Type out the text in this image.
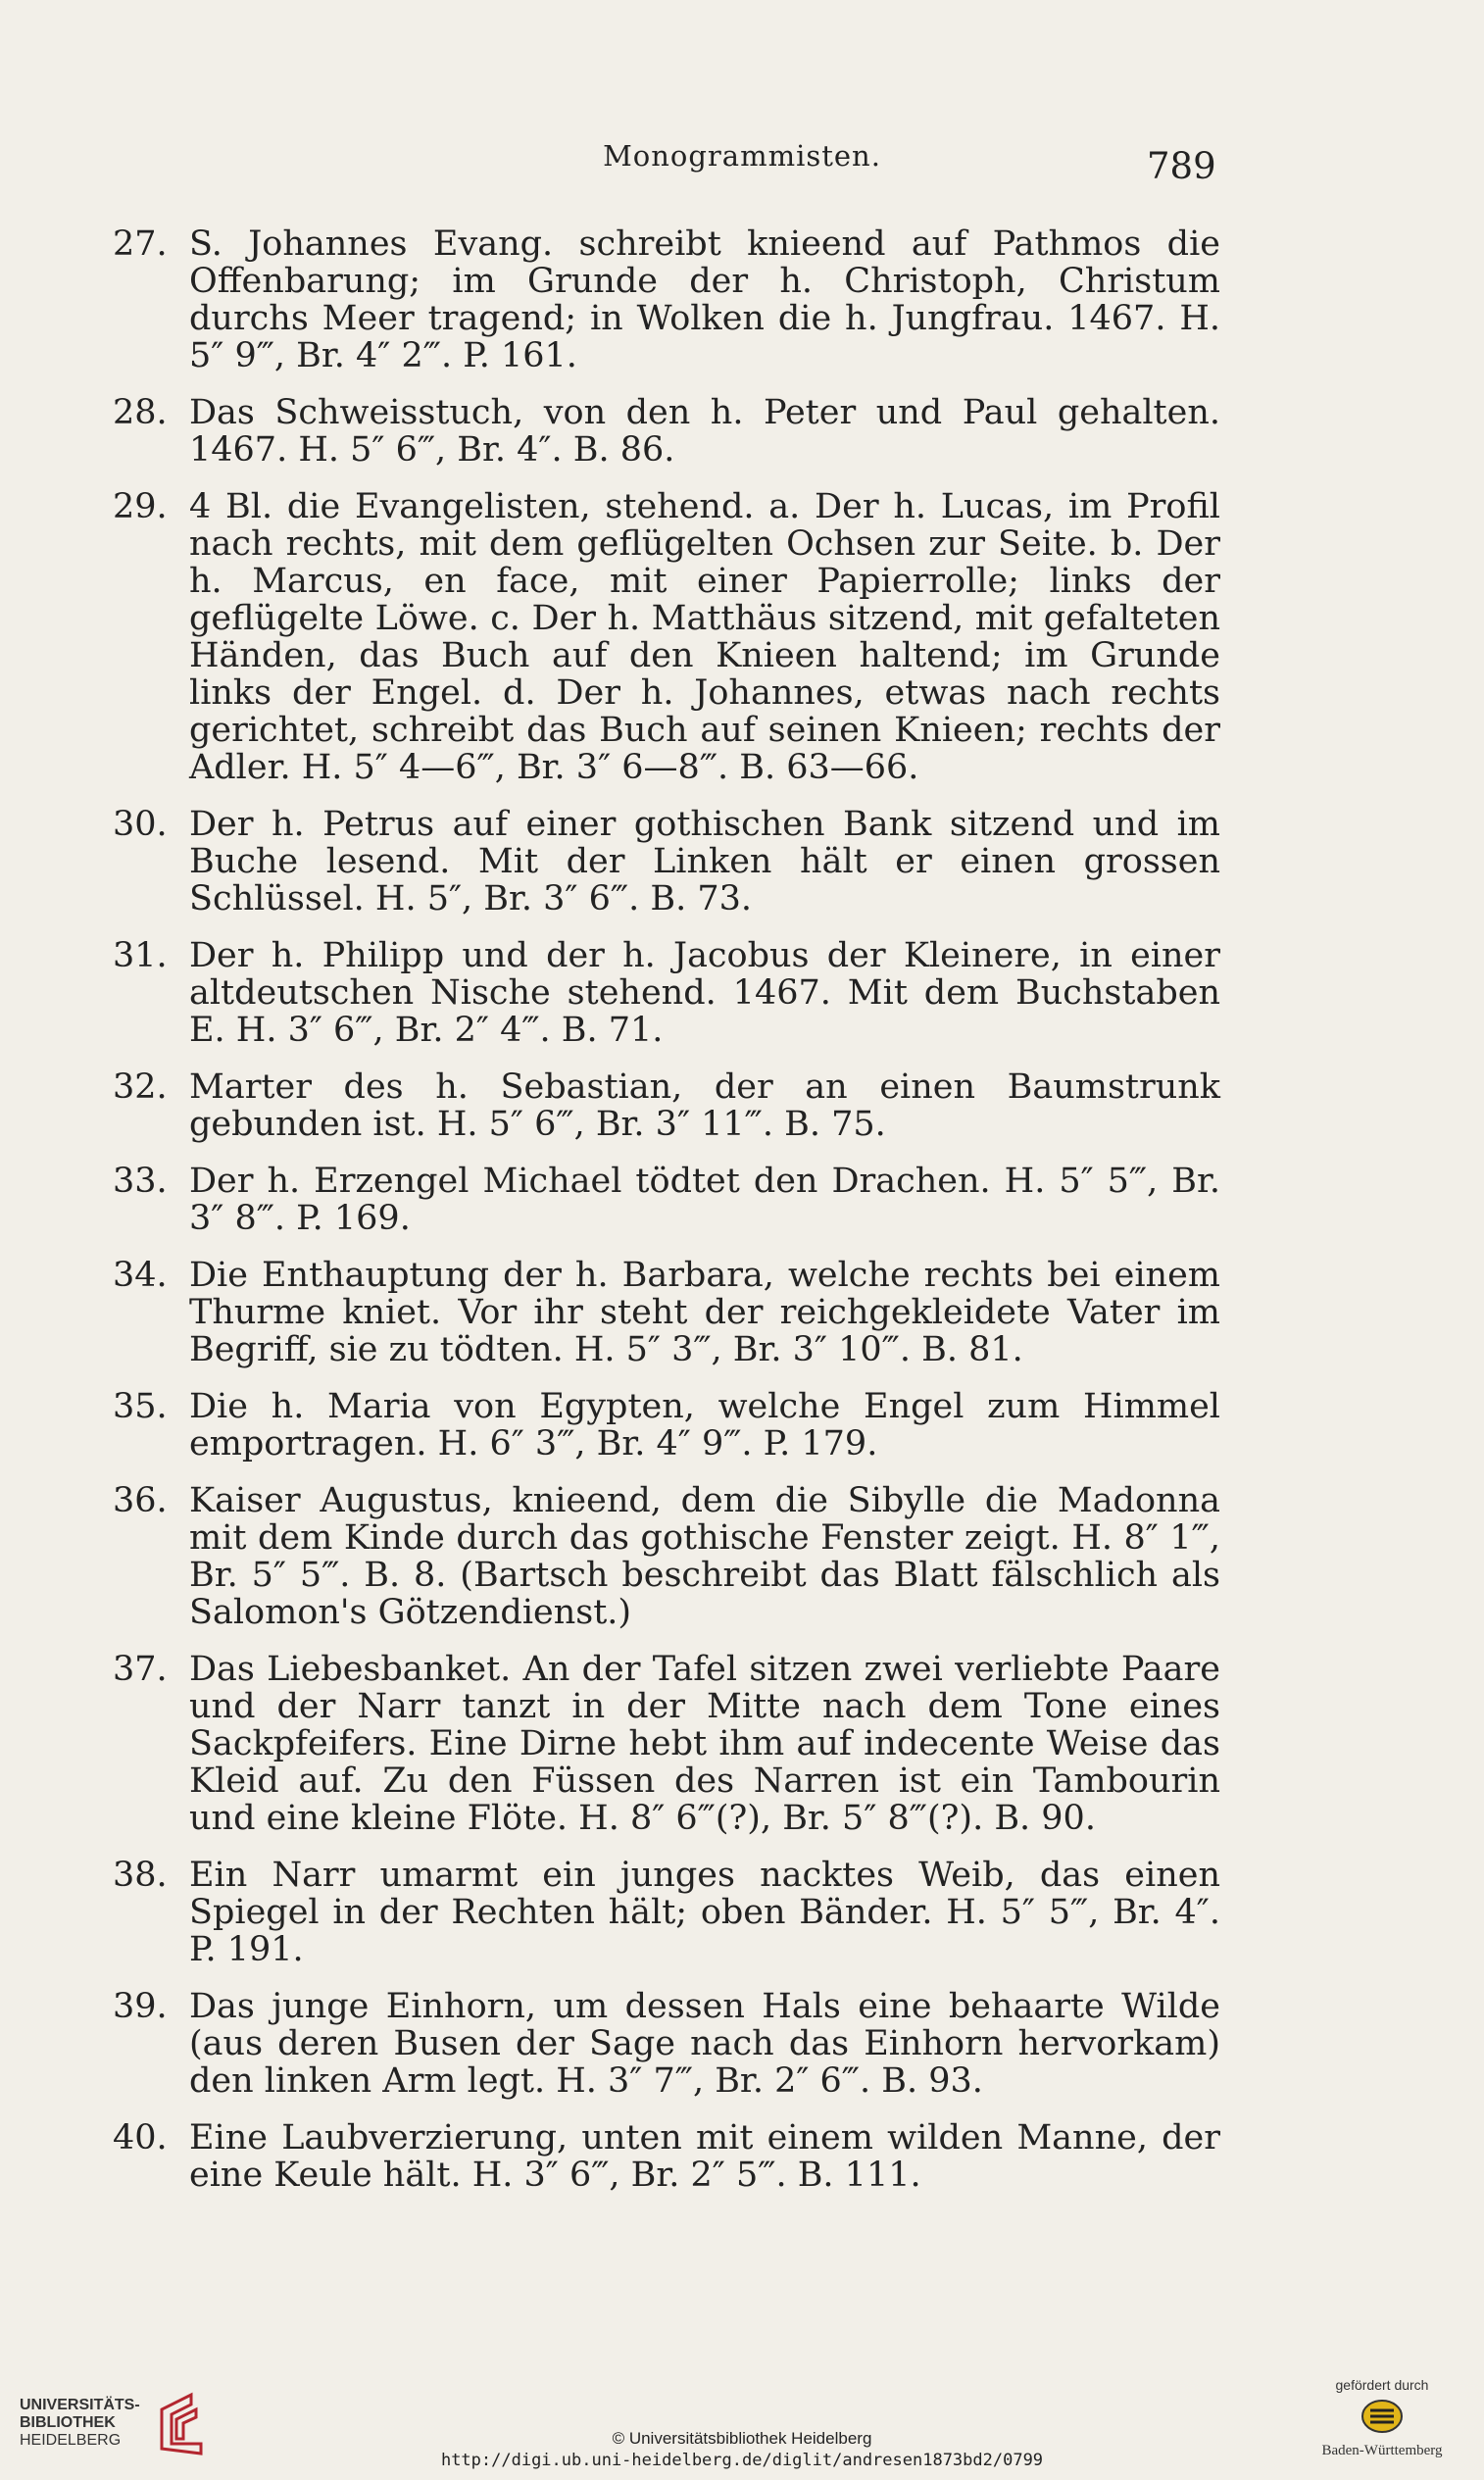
Monogrammisten.	789
27. S. Johannes Evang. schreibt knieend auf Pathmos die Offenbarung; im Grunde der h. Christoph, Christum durchs Meer tragend; in Wolken die h. Jungfrau. 1467. H. 5″ 9‴, Br. 4″ 2‴. P. 161.
28. Das Schweisstuch, von den h. Peter und Paul gehalten. 1467. H. 5″ 6‴, Br. 4″. B. 86.
29. 4 Bl. die Evangelisten, stehend. a. Der h. Lucas, im Profil nach rechts, mit dem geflügelten Ochsen zur Seite. b. Der h. Marcus, en face, mit einer Papierrolle; links der geflügelte Löwe. c. Der h. Matthäus sitzend, mit gefalteten Händen, das Buch auf den Knieen haltend; im Grunde links der Engel. d. Der h. Johannes, etwas nach rechts gerichtet, schreibt das Buch auf seinen Knieen; rechts der Adler. H. 5″ 4—6‴, Br. 3″ 6—8‴. B. 63—66.
30. Der h. Petrus auf einer gothischen Bank sitzend und im Buche lesend. Mit der Linken hält er einen grossen Schlüssel. H. 5″, Br. 3″ 6‴. B. 73.
31. Der h. Philipp und der h. Jacobus der Kleinere, in einer altdeutschen Nische stehend. 1467. Mit dem Buchstaben E. H. 3″ 6‴, Br. 2″ 4‴. B. 71.
32. Marter des h. Sebastian, der an einen Baumstrunk gebunden ist. H. 5″ 6‴, Br. 3″ 11‴. B. 75.
33. Der h. Erzengel Michael tödtet den Drachen. H. 5″ 5‴, Br. 3″ 8‴. P. 169.
34. Die Enthauptung der h. Barbara, welche rechts bei einem Thurme kniet. Vor ihr steht der reichgekleidete Vater im Begriff, sie zu tödten. H. 5″ 3‴, Br. 3″ 10‴. B. 81.
35. Die h. Maria von Egypten, welche Engel zum Himmel emportragen. H. 6″ 3‴, Br. 4″ 9‴. P. 179.
36. Kaiser Augustus, knieend, dem die Sibylle die Madonna mit dem Kinde durch das gothische Fenster zeigt. H. 8″ 1‴, Br. 5″ 5‴. B. 8. (Bartsch beschreibt das Blatt fälschlich als Salomon's Götzendienst.)
37. Das Liebesbanket. An der Tafel sitzen zwei verliebte Paare und der Narr tanzt in der Mitte nach dem Tone eines Sackpfeifers. Eine Dirne hebt ihm auf indecente Weise das Kleid auf. Zu den Füssen des Narren ist ein Tambourin und eine kleine Flöte. H. 8″ 6‴(?), Br. 5″ 8‴(?). B. 90.
38. Ein Narr umarmt ein junges nacktes Weib, das einen Spiegel in der Rechten hält; oben Bänder. H. 5″ 5‴, Br. 4″. P. 191.
39. Das junge Einhorn, um dessen Hals eine behaarte Wilde (aus deren Busen der Sage nach das Einhorn hervorkam) den linken Arm legt. H. 3″ 7‴, Br. 2″ 6‴. B. 93.
40. Eine Laubverzierung, unten mit einem wilden Manne, der eine Keule hält. H. 3″ 6‴, Br. 2″ 5‴. B. 111.
UNIVERSITÄTS-
BIBLIOTHEK
HEIDELBERG	© Universitätsbibliothek Heidelberg
http://digi.ub.uni-heidelberg.de/diglit/andresen1873bd2/0799
gefördert durch
Baden-Württemberg
